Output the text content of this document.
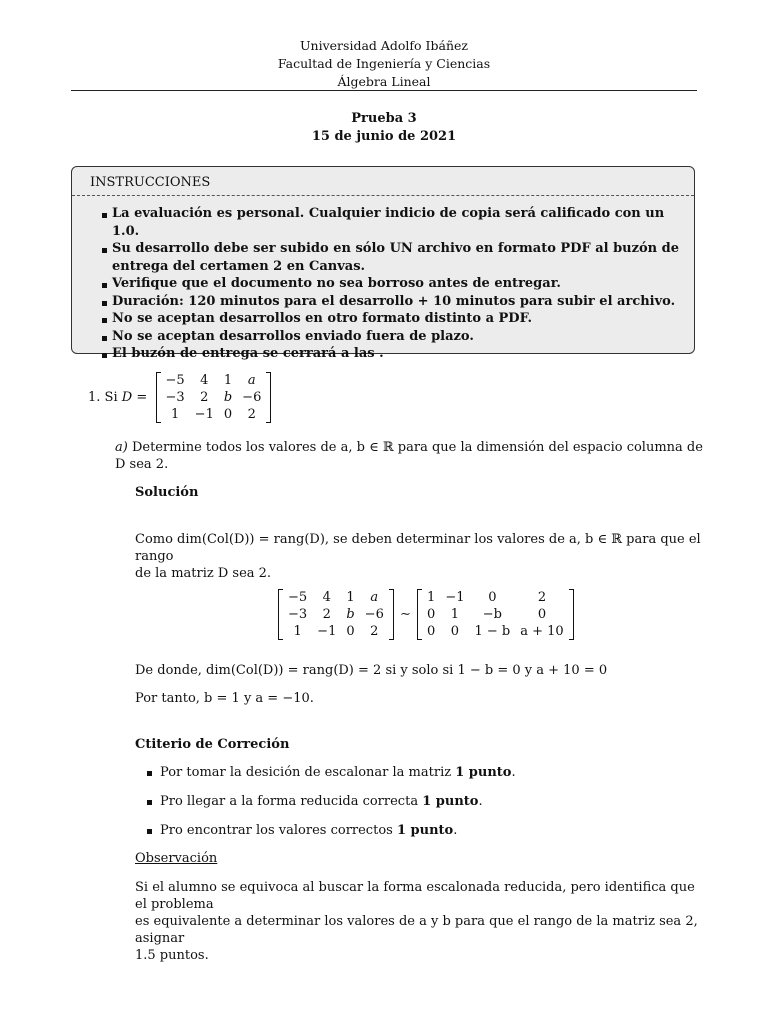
Universidad Adolfo Ibáñez
Facultad de Ingeniería y Ciencias
Álgebra Lineal
Prueba 3
15 de junio de 2021
INSTRUCCIONES
La evaluación es personal. Cualquier indicio de copia será calificado con un 1.0.
Su desarrollo debe ser subido en sólo UN archivo en formato PDF al buzón de entrega del certamen 2 en Canvas.
Verifique que el documento no sea borroso antes de entregar.
Duración: 120 minutos para el desarrollo + 10 minutos para subir el archivo.
No se aceptan desarrollos en otro formato distinto a PDF.
No se aceptan desarrollos enviado fuera de plazo.
El buzón de entrega se cerrará a las .
1. Si D =
−5	4	1	a
−3	2	b	−6
1	−1	0	2
a) Determine todos los valores de a, b ∈ ℝ para que la dimensión del espacio columna de D sea 2.
Solución
Como dim(Col(D)) = rang(D), se deben determinar los valores de a, b ∈ ℝ para que el rango
de la matriz D sea 2.
−5	4	1	a
−3	2	b	−6
1	−1	0	2
∼
1	−1	0	2
0	1	−b	0
0	0	1 − b	a + 10
De donde, dim(Col(D)) = rang(D) = 2 si y solo si 1 − b = 0 y a + 10 = 0
Por tanto, b = 1 y a = −10.
Ctiterio de Correción
Por tomar la desición de escalonar la matriz 1 punto.
Pro llegar a la forma reducida correcta 1 punto.
Pro encontrar los valores correctos 1 punto.
Observación
Si el alumno se equivoca al buscar la forma escalonada reducida, pero identifica que el problema
es equivalente a determinar los valores de a y b para que el rango de la matriz sea 2, asignar
1.5 puntos.
